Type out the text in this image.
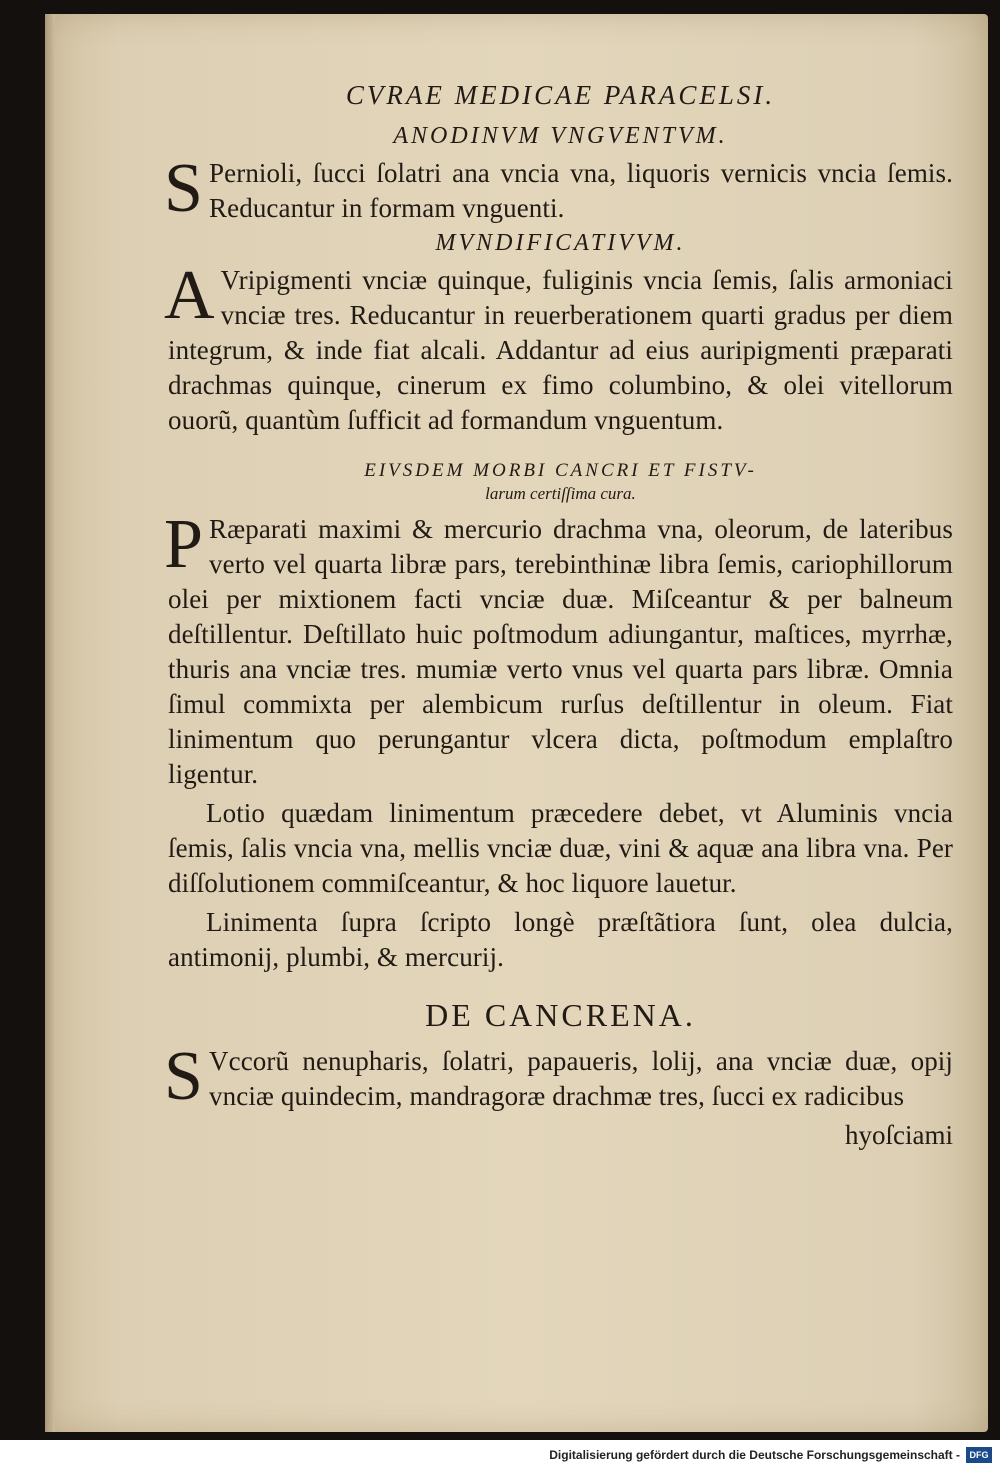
CVRAE MEDICAE PARACELSI.
ANODINVM VNGVENTVM.

S Pernioli, ſucci ſolatri ana vncia vna, liquoris vernicis vncia ſemis. Reducantur in formam vnguenti.

MVNDIFICATIVVM.

A Vripigmenti vnciæ quinque, fuliginis vncia ſemis, ſalis armoniaci vnciæ tres. Reducantur in reuerberationem quarti gradus per diem integrum, & inde fiat alcali. Addantur ad eius auripigmenti præparati drachmas quinque, cinerum ex fimo columbino, & olei vitellorum ouorũ, quantùm ſufficit ad formandum vnguentum.

EIVSDEM MORBI CANCRI ET FISTV-
larum certiſſima cura.

P Ræparati maximi & mercurio drachma vna, oleorum, de lateribus verto vel quarta libræ pars, terebinthinæ libra ſemis, cariophillorum olei per mixtionem facti vnciæ duæ. Miſceantur & per balneum deſtillentur. Deſtillato huic poſtmodum adiungantur, maſtices, myrrhæ, thuris ana vnciæ tres. mumiæ verto vnus vel quarta pars libræ. Omnia ſimul commixta per alembicum rurſus deſtillentur in oleum. Fiat linimentum quo perungantur vlcera dicta, poſtmodum emplaſtro ligentur.

Lotio quædam linimentum præcedere debet, vt Aluminis vncia ſemis, ſalis vncia vna, mellis vnciæ duæ, vini & aquæ ana libra vna. Per diſſolutionem commiſceantur, & hoc liquore lauetur.

Linimenta ſupra ſcripto longè præſtãtiora ſunt, olea dulcia, antimonij, plumbi, & mercurij.

DE CANCRENA.

S Vccorũ nenupharis, ſolatri, papaueris, lolij, ana vnciæ duæ, opij vnciæ quindecim, mandragoræ drachmæ tres, ſucci ex radicibus

hyoſciami
Digitalisierung gefördert durch die Deutsche Forschungsgemeinschaft -	DFG
